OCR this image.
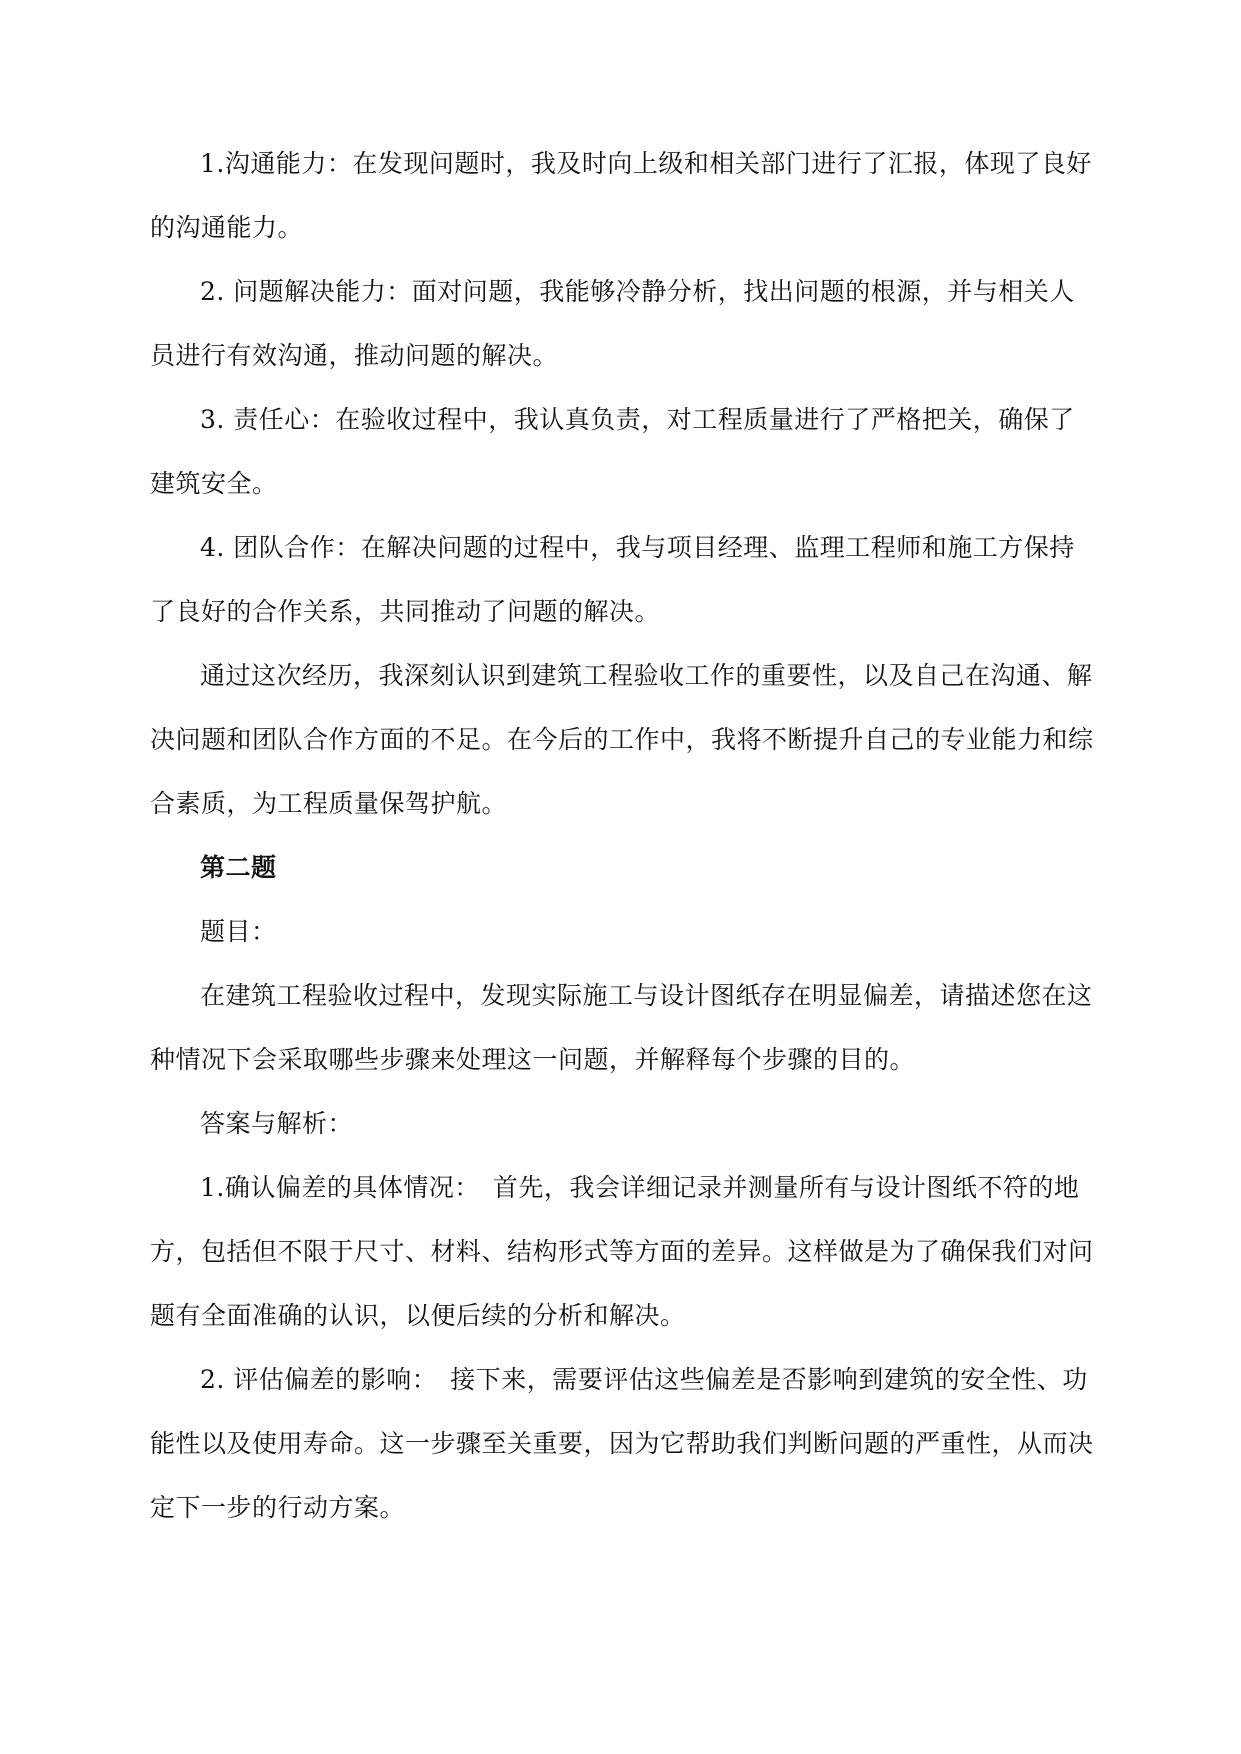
1.沟通能力：在发现问题时，我及时向上级和相关部门进行了汇报，体现了良好的沟通能力。

2. 问题解决能力：面对问题，我能够冷静分析，找出问题的根源，并与相关人员进行有效沟通，推动问题的解决。

3. 责任心：在验收过程中，我认真负责，对工程质量进行了严格把关，确保了建筑安全。

4. 团队合作：在解决问题的过程中，我与项目经理、监理工程师和施工方保持了良好的合作关系，共同推动了问题的解决。

通过这次经历，我深刻认识到建筑工程验收工作的重要性，以及自己在沟通、解决问题和团队合作方面的不足。在今后的工作中，我将不断提升自己的专业能力和综合素质，为工程质量保驾护航。

第二题

题目：

在建筑工程验收过程中，发现实际施工与设计图纸存在明显偏差，请描述您在这种情况下会采取哪些步骤来处理这一问题，并解释每个步骤的目的。

答案与解析：

1.确认偏差的具体情况：　首先，我会详细记录并测量所有与设计图纸不符的地方，包括但不限于尺寸、材料、结构形式等方面的差异。这样做是为了确保我们对问题有全面准确的认识，以便后续的分析和解决。

2. 评估偏差的影响：　接下来，需要评估这些偏差是否影响到建筑的安全性、功能性以及使用寿命。这一步骤至关重要，因为它帮助我们判断问题的严重性，从而决定下一步的行动方案。
